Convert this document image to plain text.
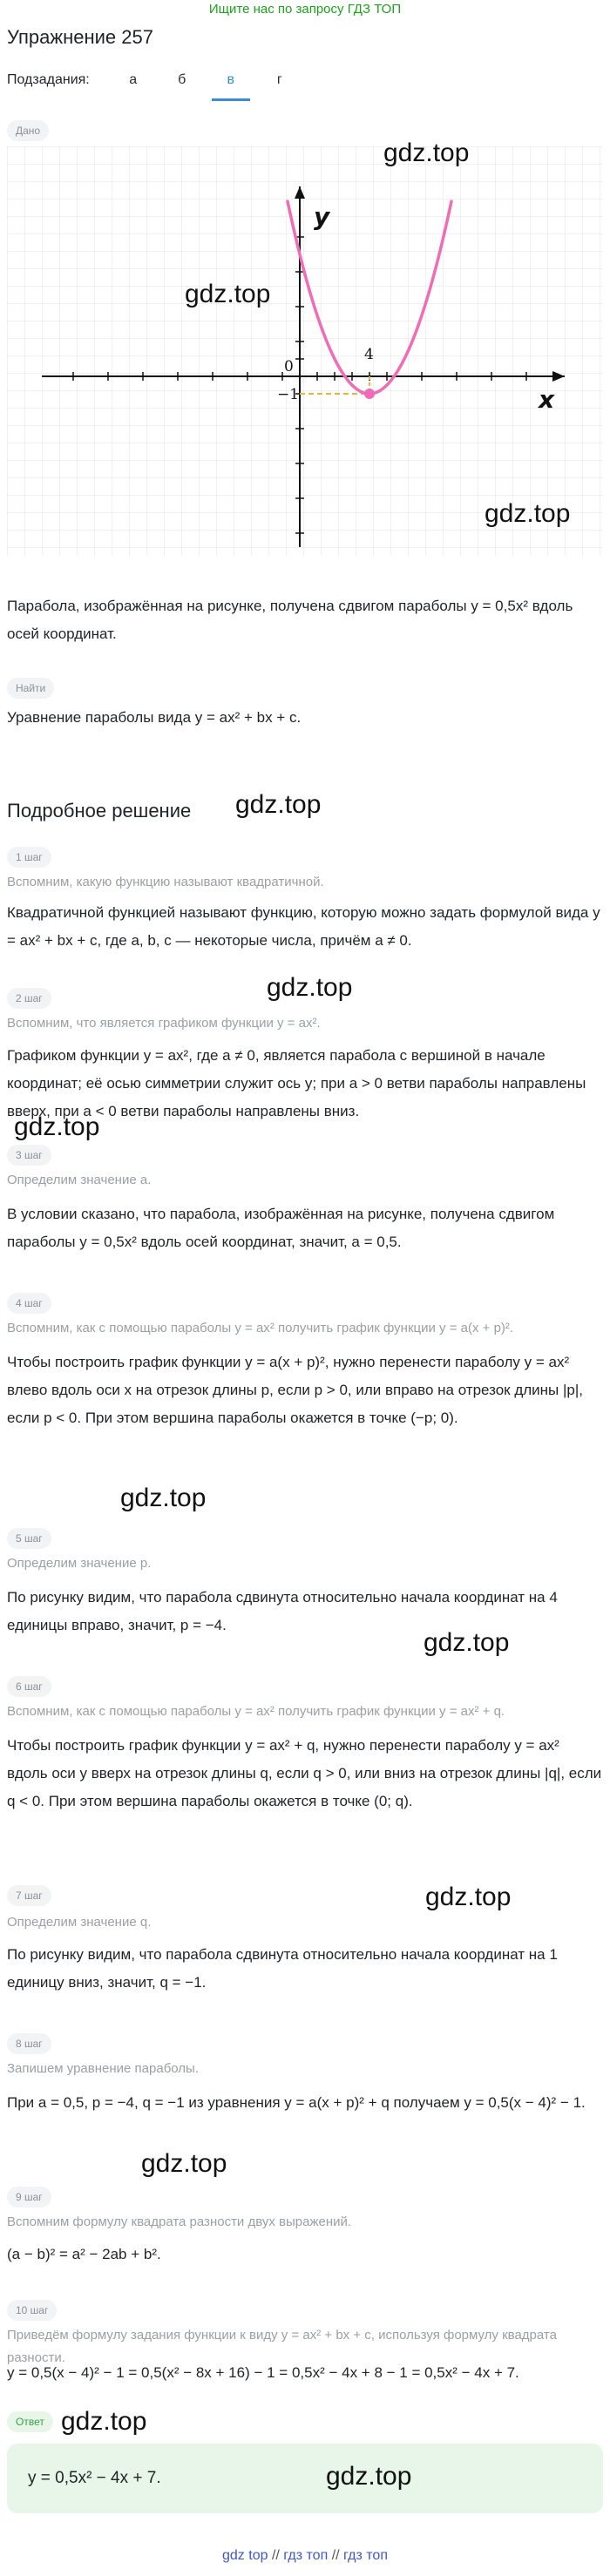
Ищите нас по запросу ГДЗ ТОП
Упражнение 257
Подзадания:	а	б	в	г
Дано
y
x
0
4
−1
gdz.top
gdz.top
gdz.top
Парабола, изображённая на рисунке, получена сдвигом параболы y = 0,5x² вдоль осей координат.
Найти
Уравнение параболы вида y = ax² + bx + c.
Подробное решение gdz.top
1 шаг
Вспомним, какую функцию называют квадратичной.
Квадратичной функцией называют функцию, которую можно задать формулой вида y = ax² + bx + c, где a, b, c — некоторые числа, причём a ≠ 0.
2 шаг	gdz.top
Вспомним, что является графиком функции y = ax².
Графиком функции y = ax², где a ≠ 0, является парабола с вершиной в начале координат; её осью симметрии служит ось y; при a > 0 ветви параболы направлены вверх, при a < 0 ветви параболы направлены вниз.
gdz.top
3 шаг
Определим значение a.
В условии сказано, что парабола, изображённая на рисунке, получена сдвигом параболы y = 0,5x² вдоль осей координат, значит, a = 0,5.
4 шаг
Вспомним, как с помощью параболы y = ax² получить график функции y = a(x + p)².
Чтобы построить график функции y = a(x + p)², нужно перенести параболу y = ax² влево вдоль оси x на отрезок длины p, если p > 0, или вправо на отрезок длины |p|, если p < 0. При этом вершина параболы окажется в точке (−p; 0).
gdz.top
5 шаг
Определим значение p.
По рисунку видим, что парабола сдвинута относительно начала координат на 4 единицы вправо, значит, p = −4.
gdz.top
6 шаг
Вспомним, как с помощью параболы y = ax² получить график функции y = ax² + q.
Чтобы построить график функции y = ax² + q, нужно перенести параболу y = ax² вдоль оси y вверх на отрезок длины q, если q > 0, или вниз на отрезок длины |q|, если q < 0. При этом вершина параболы окажется в точке (0; q).
7 шаг	gdz.top
Определим значение q.
По рисунку видим, что парабола сдвинута относительно начала координат на 1 единицу вниз, значит, q = −1.
8 шаг
Запишем уравнение параболы.
При a = 0,5, p = −4, q = −1 из уравнения y = a(x + p)² + q получаем y = 0,5(x − 4)² − 1.
gdz.top
9 шаг
Вспомним формулу квадрата разности двух выражений.
(a − b)² = a² − 2ab + b².
10 шаг
Приведём формулу задания функции к виду y = ax² + bx + c, используя формулу квадрата разности.
y = 0,5(x − 4)² − 1 = 0,5(x² − 8x + 16) − 1 = 0,5x² − 4x + 8 − 1 = 0,5x² − 4x + 7.
Ответ gdz.top
y = 0,5x² − 4x + 7.	gdz.top
gdz top // гдз топ // гдз топ
